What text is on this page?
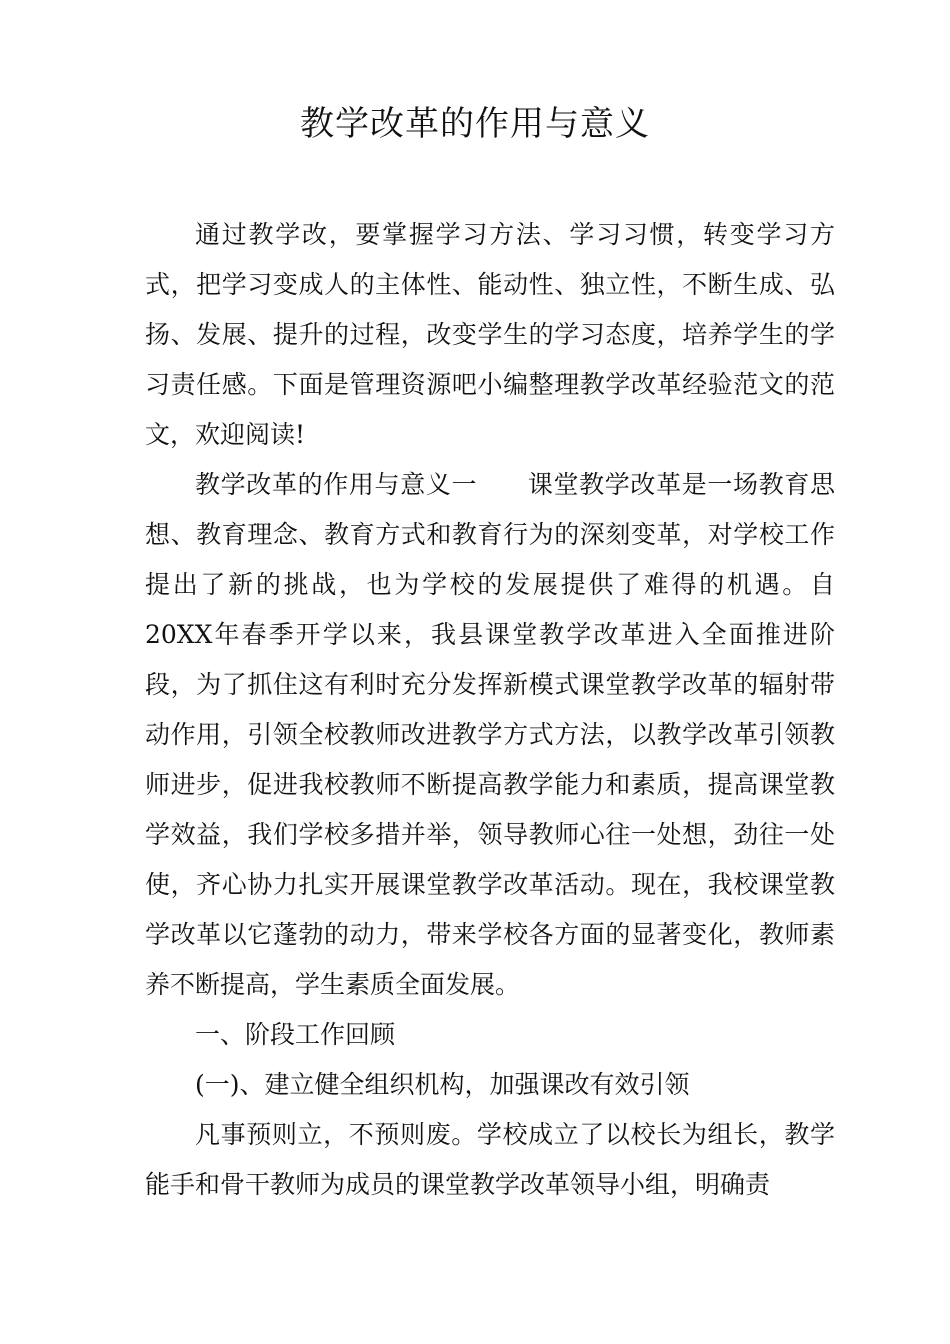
教学改革的作用与意义

通过教学改，要掌握学习方法、学习习惯，转变学习方式，把学习变成人的主体性、能动性、独立性，不断生成、弘扬、发展、提升的过程，改变学生的学习态度，培养学生的学习责任感。下面是管理资源吧小编整理教学改革经验范文的范文，欢迎阅读!

教学改革的作用与意义一 课堂教学改革是一场教育思想、教育理念、教育方式和教育行为的深刻变革，对学校工作提出了新的挑战，也为学校的发展提供了难得的机遇。自20XX年春季开学以来，我县课堂教学改革进入全面推进阶段，为了抓住这有利时充分发挥新模式课堂教学改革的辐射带动作用，引领全校教师改进教学方式方法，以教学改革引领教师进步，促进我校教师不断提高教学能力和素质，提高课堂教学效益，我们学校多措并举，领导教师心往一处想，劲往一处使，齐心协力扎实开展课堂教学改革活动。现在，我校课堂教学改革以它蓬勃的动力，带来学校各方面的显著变化，教师素养不断提高，学生素质全面发展。

一、阶段工作回顾

(一)、建立健全组织机构，加强课改有效引领

凡事预则立，不预则废。学校成立了以校长为组长，教学能手和骨干教师为成员的课堂教学改革领导小组，明确责
